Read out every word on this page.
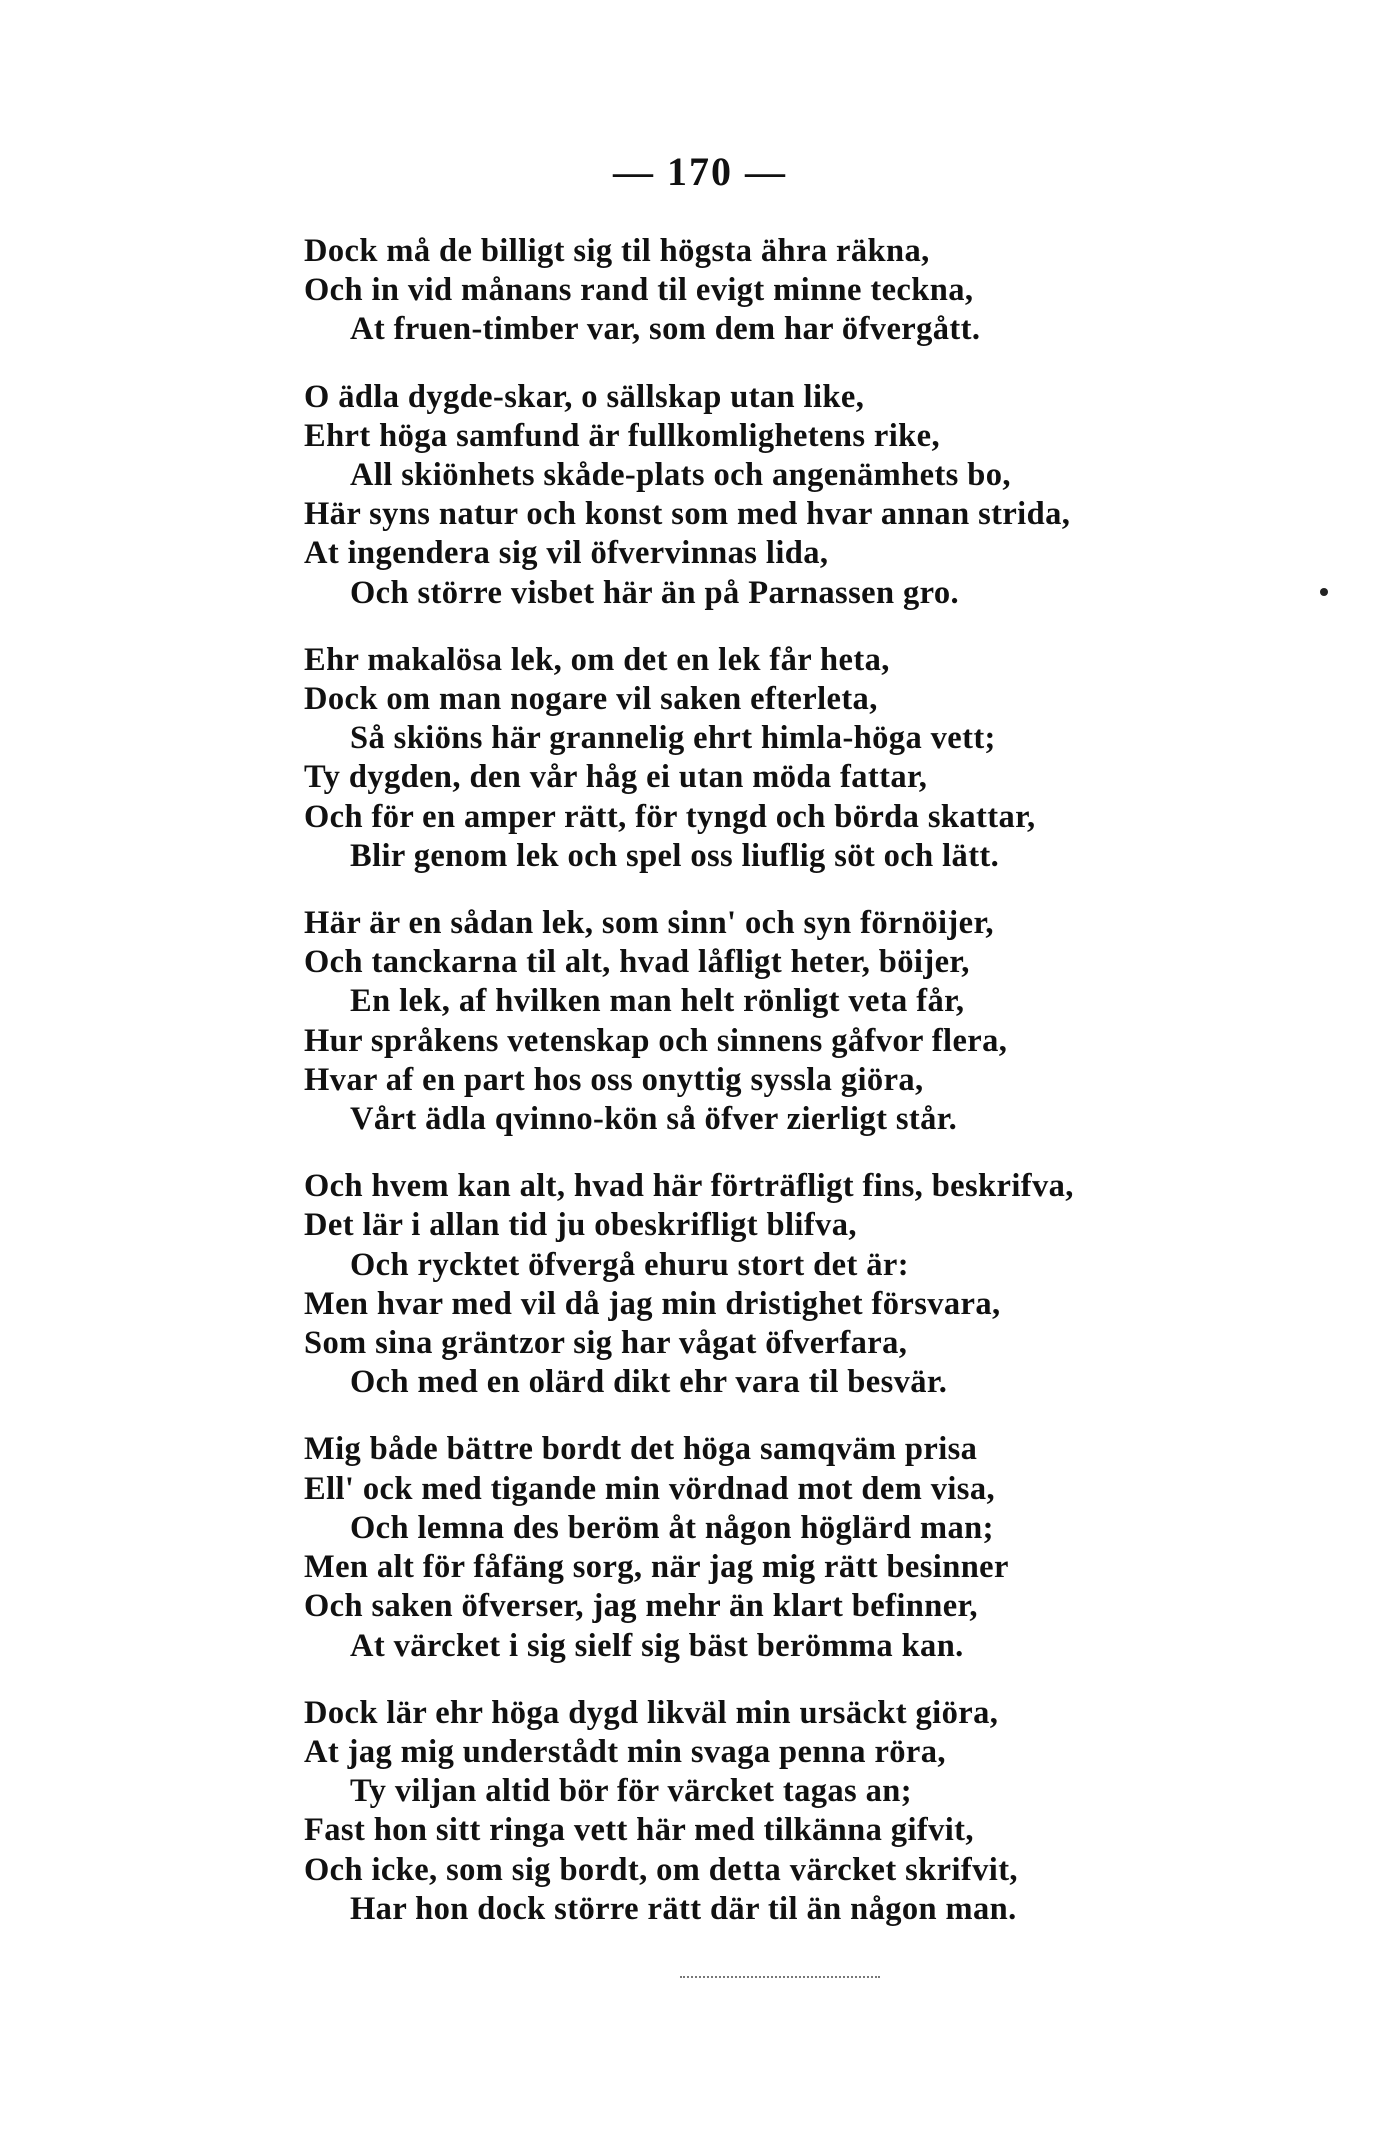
— 170 —
Dock må de billigt sig til högsta ähra räkna,
Och in vid månans rand til evigt minne teckna,
At fruen-timber var, som dem har öfvergått.
O ädla dygde-skar, o sällskap utan like,
Ehrt höga samfund är fullkomlighetens rike,
All skiönhets skåde-plats och angenämhets bo,
Här syns natur och konst som med hvar annan strida,
At ingendera sig vil öfvervinnas lida,
Och större visbet här än på Parnassen gro.
Ehr makalösa lek, om det en lek får heta,
Dock om man nogare vil saken efterleta,
Så skiöns här grannelig ehrt himla-höga vett;
Ty dygden, den vår håg ei utan möda fattar,
Och för en amper rätt, för tyngd och börda skattar,
Blir genom lek och spel oss liuflig söt och lätt.
Här är en sådan lek, som sinn' och syn förnöijer,
Och tanckarna til alt, hvad låfligt heter, böijer,
En lek, af hvilken man helt rönligt veta får,
Hur språkens vetenskap och sinnens gåfvor flera,
Hvar af en part hos oss onyttig syssla giöra,
Vårt ädla qvinno-kön så öfver zierligt står.
Och hvem kan alt, hvad här förträfligt fins, beskrifva,
Det lär i allan tid ju obeskrifligt blifva,
Och rycktet öfvergå ehuru stort det är:
Men hvar med vil då jag min dristighet försvara,
Som sina gräntzor sig har vågat öfverfara,
Och med en olärd dikt ehr vara til besvär.
Mig både bättre bordt det höga samqväm prisa
Ell' ock med tigande min vördnad mot dem visa,
Och lemna des beröm åt någon höglärd man;
Men alt för fåfäng sorg, när jag mig rätt besinner
Och saken öfverser, jag mehr än klart befinner,
At värcket i sig sielf sig bäst berömma kan.
Dock lär ehr höga dygd likväl min ursäckt giöra,
At jag mig understådt min svaga penna röra,
Ty viljan altid bör för värcket tagas an;
Fast hon sitt ringa vett här med tilkänna gifvit,
Och icke, som sig bordt, om detta värcket skrifvit,
Har hon dock större rätt där til än någon man.
